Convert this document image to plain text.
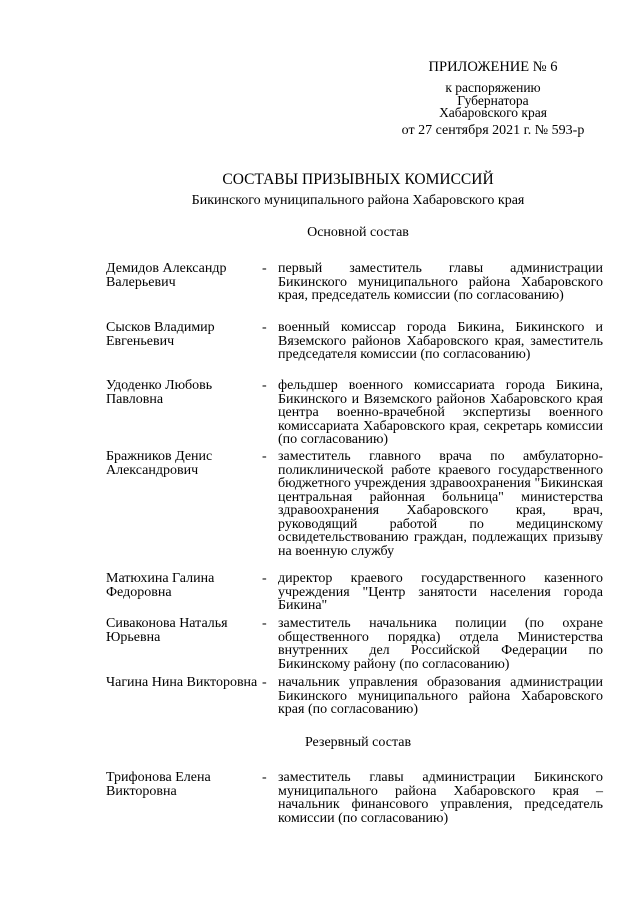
ПРИЛОЖЕНИЕ № 6
к распоряжению
Губернатора
Хабаровского края
от 27 сентября 2021 г. № 593-р
СОСТАВЫ ПРИЗЫВНЫХ КОМИССИЙ
Бикинского муниципального района Хабаровского края
Основной состав
Демидов Александр Валерьевич
- первый заместитель главы администрации Бикинского муниципального района Хабаровского края, председатель комиссии (по согласованию)
Сысков Владимир Евгеньевич
- военный комиссар города Бикина, Бикинского и Вяземского районов Хабаровского края, заместитель председателя комиссии (по согласованию)
Удоденко Любовь Павловна
- фельдшер военного комиссариата города Бикина, Бикинского и Вяземского районов Хабаровского края центра военно-врачебной экспертизы военного комиссариата Хабаровского края, секретарь комиссии (по согласованию)
Бражников Денис Александрович
- заместитель главного врача по амбулаторно-поликлинической работе краевого государственного бюджетного учреждения здравоохранения "Бикинская центральная районная больница" министерства здравоохранения Хабаровского края, врач, руководящий работой по медицинскому освидетельствованию граждан, подлежащих призыву на военную службу
Матюхина Галина Федоровна
- директор краевого государственного казенного учреждения "Центр занятости населения города Бикина"
Сиваконова Наталья Юрьевна
- заместитель начальника полиции (по охране общественного порядка) отдела Министерства внутренних дел Российской Федерации по Бикинскому району (по согласованию)
Чагина Нина Викторовна - начальник управления образования администрации Бикинского муниципального района Хабаровского края (по согласованию)
Резервный состав
Трифонова Елена Викторовна
- заместитель главы администрации Бикинского муниципального района Хабаровского края – начальник финансового управления, председатель комиссии (по согласованию)
